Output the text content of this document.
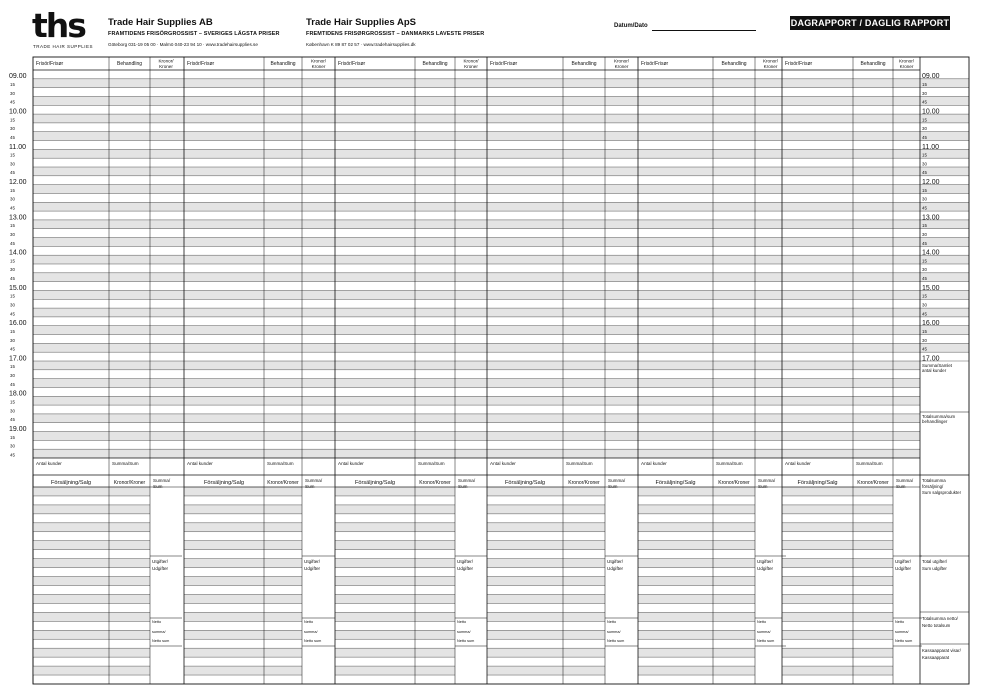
ths
TRADE HAIR SUPPLIES
Trade Hair Supplies AB
FRAMTIDENS FRISÖRGROSSIST – SVERIGES LÄGSTA PRISER
Göteborg 031-19 05 00 · Malmö 040-23 94 10 · www.tradehairsupplies.se
Trade Hair Supplies ApS
FREMTIDENS FRISØRGROSSIST – DANMARKS LAVESTE PRISER
København K 89 87 02 57 · www.tradehairsupplies.dk
Datum/Dato	DAGRAPPORT / DAGLIG RAPPORT
Frisör/Frisør	Behandling	Kronor/
Kroner	Frisör/Frisør	Behandling	Kronor/
Kroner	Frisör/Frisør	Behandling	Kronor/
Kroner Frisör/Frisør	Behandling	Kronor/
Kroner	Frisör/Frisør	Behandling	Kronor/
Kroner Frisör/Frisør	Behandling	Kronor/
Kroner
09.00
15
30
45
09.00
15
30
45
10.00
15
30
45
10.00
15
30
45
11.00
15
30
45
11.00
15
30
45
12.00
15
30
45
12.00
15
30
45
13.00
15
30
45
13.00
15
30
45
14.00
15
30
45
14.00
15
30
45
15.00
15
30
45
15.00
15
30
45
16.00
15
30
45
16.00
15
30
45
17.00
15
30
45
17.00
18.00
15
30
45
19.00
15
30
45
Summa/Samlet
antal kunder
Totalsumma/sum
behandlinger
Antal kunder	Summa/Sum	Antal kunder	Summa/Sum	Antal kunder	Summa/Sum	Antal kunder	Summa/Sum	Antal kunder	Summa/Sum	Antal kunder	Summa/Sum
Försäljning/Salg	Kronor/Kroner Summa/
Sum
Utgifter/
Udgifter
Netto
summa/
Netto sum
Försäljning/Salg	Kronor/Kroner Summa/
Sum
Utgifter/
Udgifter
Netto
summa/
Netto sum
Försäljning/Salg	Kronor/Kroner Summa/
Sum
Utgifter/
Udgifter
Netto
summa/
Netto sum
Försäljning/Salg	Kronor/Kroner Summa/
Sum
Utgifter/
Udgifter
Netto
summa/
Netto sum
Försäljning/Salg	Kronor/Kroner Summa/
Sum
Utgifter/
Udgifter
Netto
summa/
Netto sum
Försäljning/Salg	Kronor/Kroner Summa/
Sum
Utgifter/
Udgifter
Netto
summa/
Netto sum
Totalsumma
försäljning/
Sum salgsprodukter
Total utgifter/
Sum udgifter
Totalsumma netto/
Netto totalsum
Kassaapparat visar/
Kassaapparat
